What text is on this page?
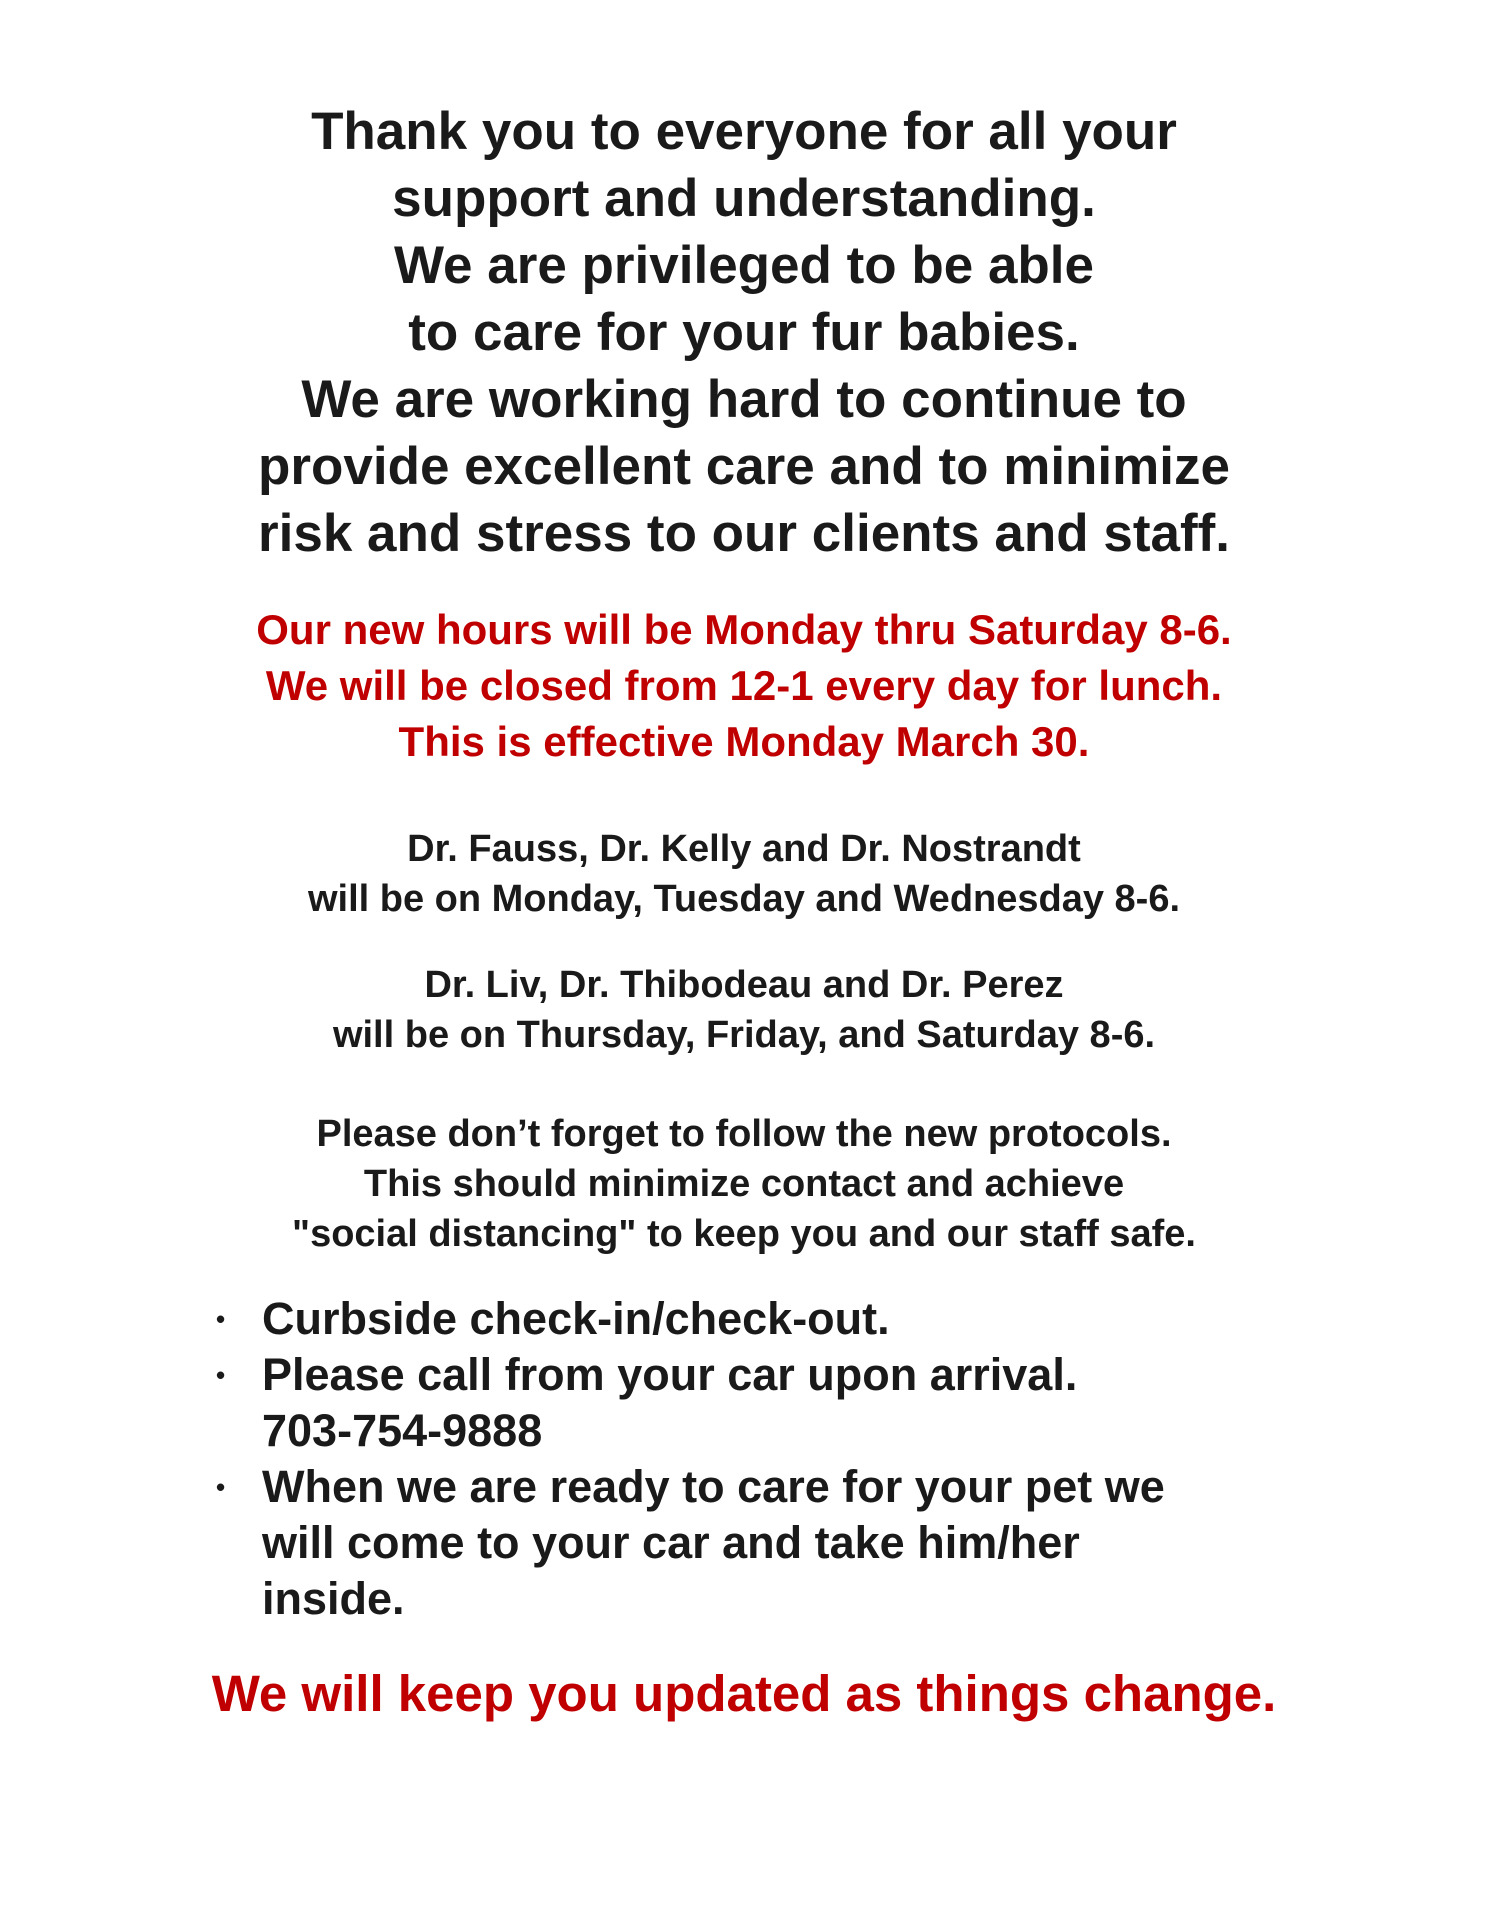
Thank you to everyone for all your
support and understanding.
We are privileged to be able
to care for your fur babies.
We are working hard to continue to
provide excellent care and to minimize
risk and stress to our clients and staff.
Our new hours will be Monday thru Saturday 8-6.
We will be closed from 12-1 every day for lunch.
This is effective Monday March 30.
Dr. Fauss, Dr. Kelly and Dr. Nostrandt
will be on Monday, Tuesday and Wednesday 8-6.
Dr. Liv, Dr. Thibodeau and Dr. Perez
will be on Thursday, Friday, and Saturday 8-6.
Please don’t forget to follow the new protocols.
This should minimize contact and achieve
"social distancing" to keep you and our staff safe.
• Curbside check-in/check-out.
• Please call from your car upon arrival.
703-754-9888
• When we are ready to care for your pet we
will come to your car and take him/her
inside.
We will keep you updated as things change.
